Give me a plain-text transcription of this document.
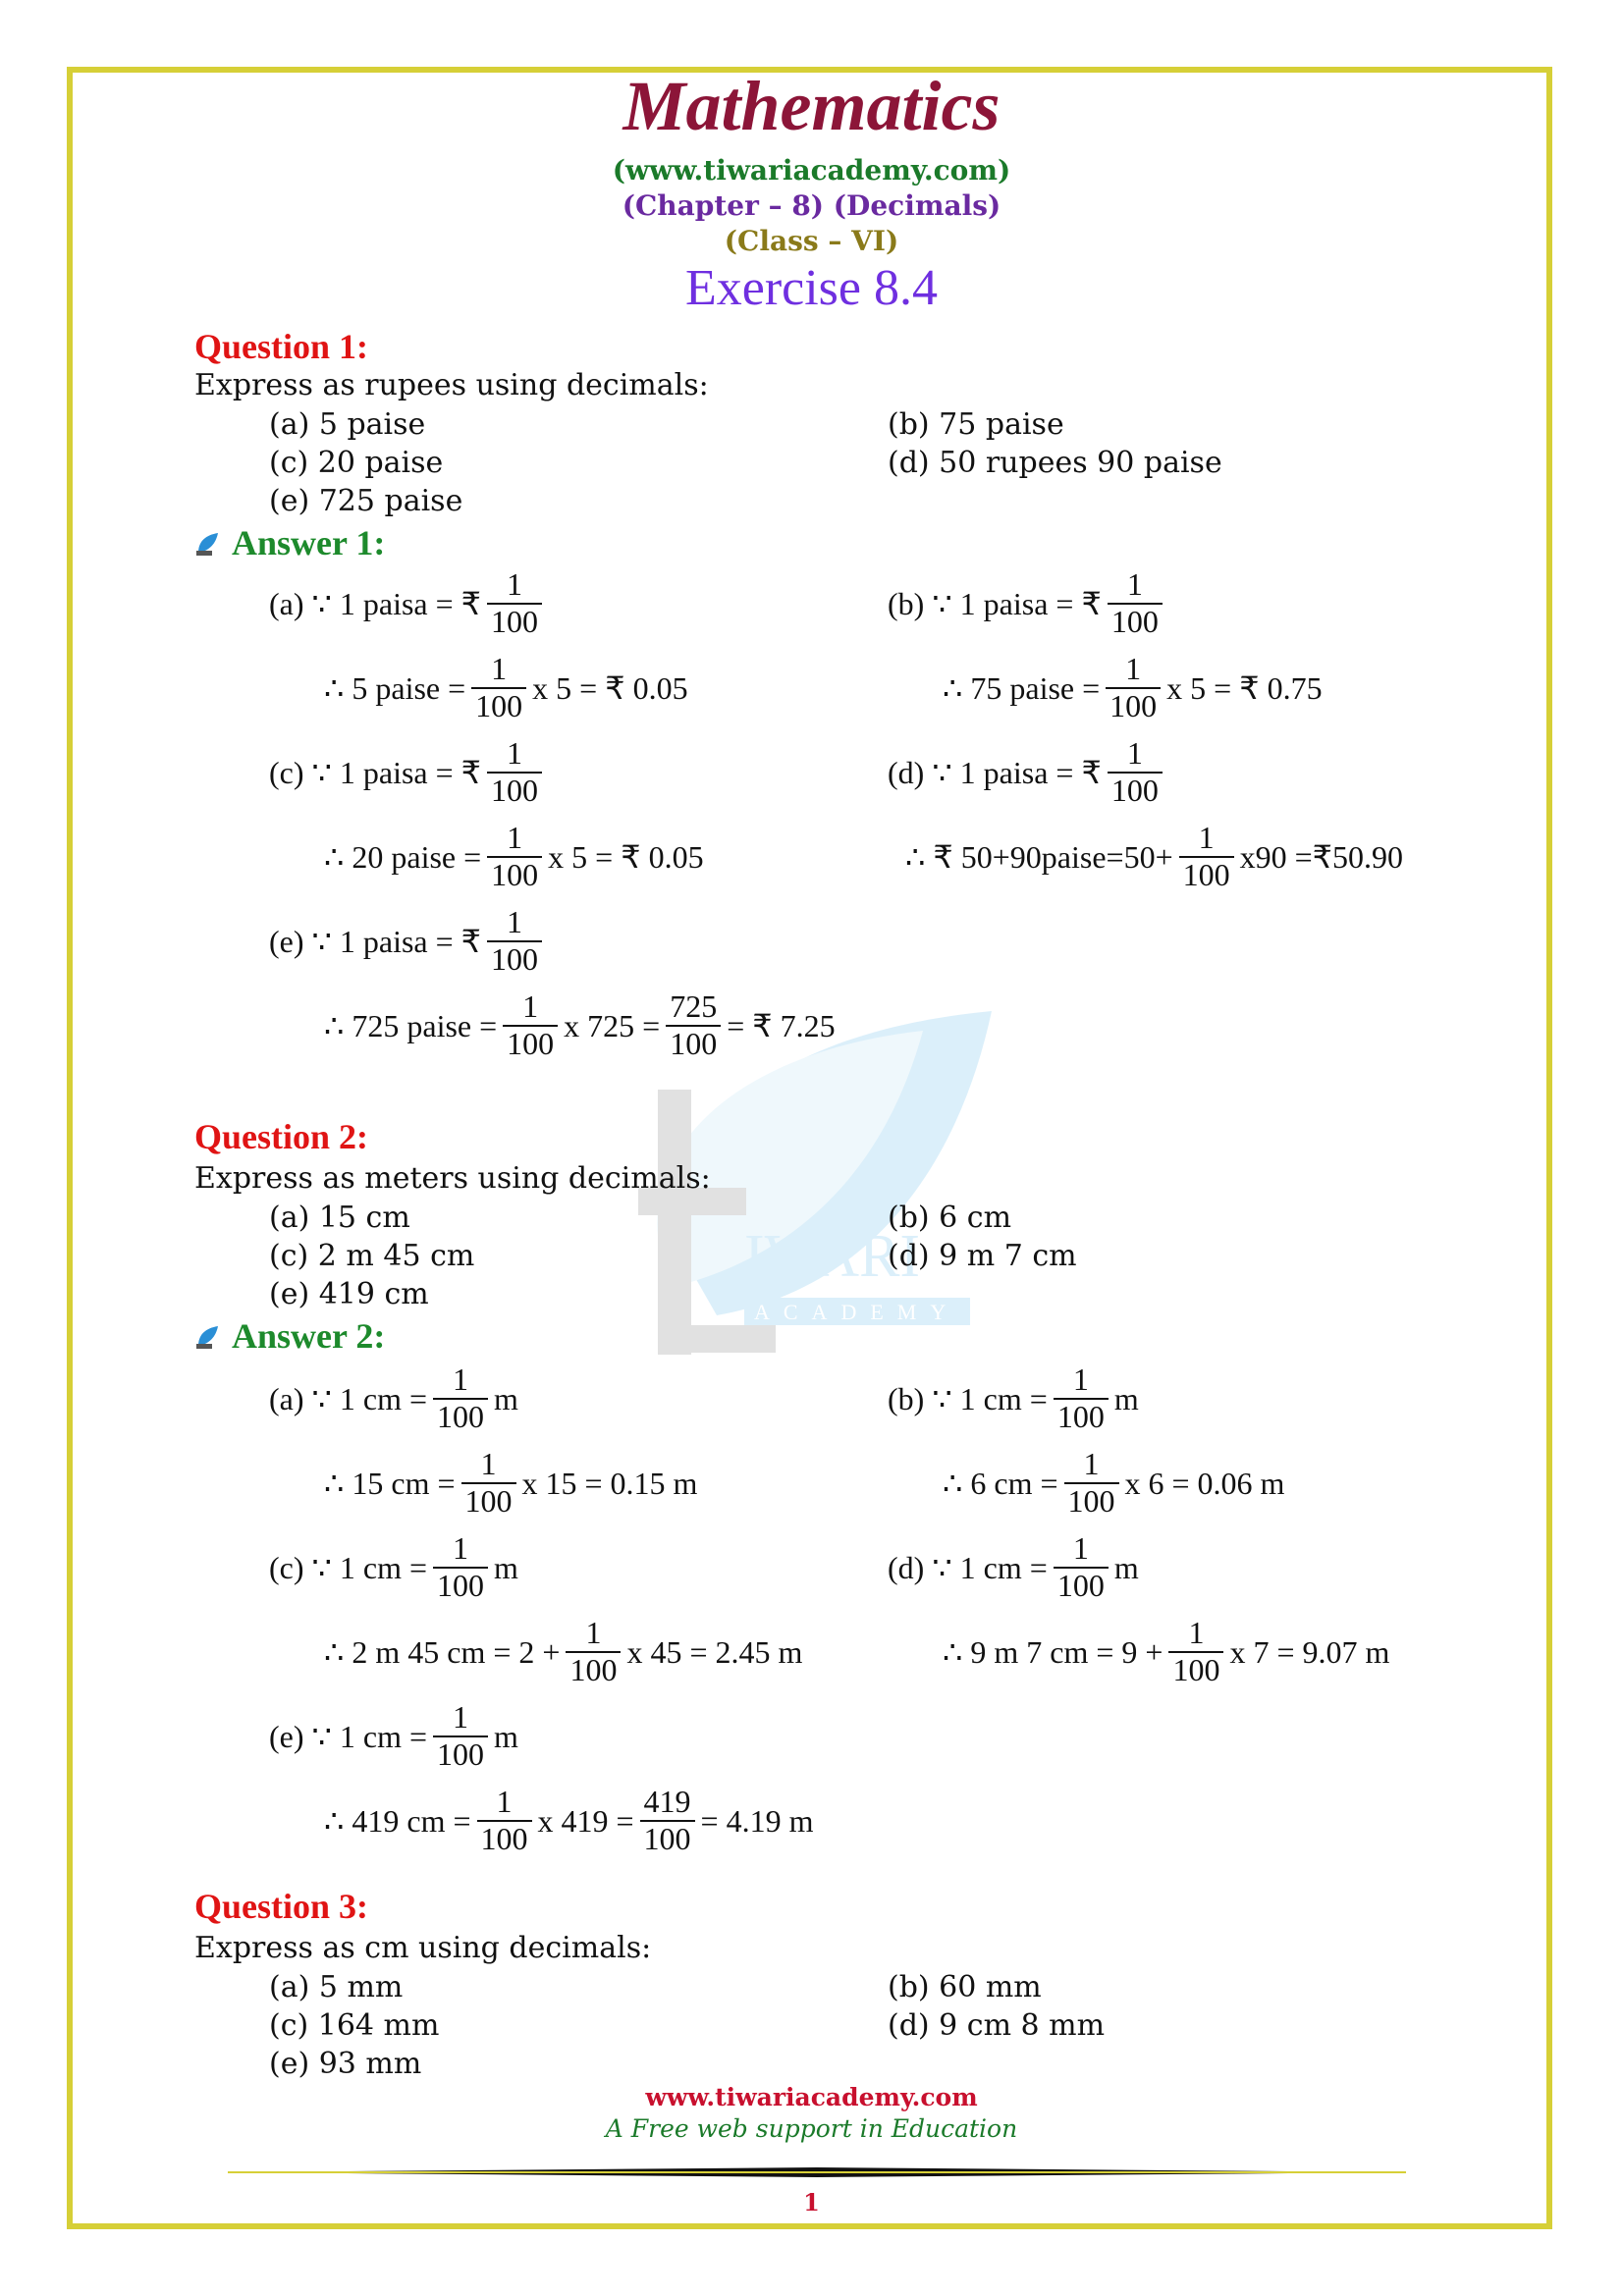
IWARI
ACADEMY
Mathematics
(www.tiwariacademy.com)
(Chapter – 8) (Decimals)
(Class – VI)
Exercise 8.4
Question 1:
Express as rupees using decimals:
(a) 5 paise	(b) 75 paise
(c) 20 paise	(d) 50 rupees 90 paise
(e) 725 paise
Answer 1:
(a) ∵ 1 paisa = ₹ $\frac{1}{100}$	(b) ∵ 1 paisa = ₹ $\frac{1}{100}$
∴ 5 paise = $\frac{1}{100}$ x 5 = ₹ 0.05	∴ 75 paise = $\frac{1}{100}$ x 5 = ₹ 0.75
(c) ∵ 1 paisa = ₹ $\frac{1}{100}$	(d) ∵ 1 paisa = ₹ $\frac{1}{100}$
∴ 20 paise = $\frac{1}{100}$ x 5 = ₹ 0.05	∴ ₹ 50+90paise=50+ $\frac{1}{100} x90$ =₹50.90
(e) ∵ 1 paisa = ₹ $\frac{1}{100}$
∴ 725 paise = $\frac{1}{100}$ x $725 = \frac{725}{100}$ = ₹ 7.25
Question 2:
Express as meters using decimals:
(a) 15 cm	(b) 6 cm
(c) 2 m 45 cm	(d) 9 m 7 cm
(e) 419 cm
Answer 2:
(a) ∵ 1 cm = $\frac{1}{100}$ m	(b) ∵ 1 cm = $\frac{1}{100}$ m
∴ 15 cm = $\frac{1}{100}$ x 15 = 0.15 m	∴ 6 cm = $\frac{1}{100}$ x 6 = 0.06 m
(c) ∵ 1 cm = $\frac{1}{100}$ m	(d) ∵ 1 cm = $\frac{1}{100}$ m
∴ 2 m 45 cm = $2 + \frac{1}{100}$ x 45 = 2.45 m	∴ 9 m 7 cm = $9 + \frac{1}{100}$ x 7 = 9.07 m
(e) ∵ 1 cm = $\frac{1}{100}$ m
∴ 419 cm = $\frac{1}{100}$ x $419 = \frac{419}{100} = 4.19$ m
Question 3:
Express as cm using decimals:
(a) 5 mm	(b) 60 mm
(c) 164 mm	(d) 9 cm 8 mm
(e) 93 mm
www.tiwariacademy.com
A Free web support in Education
1
